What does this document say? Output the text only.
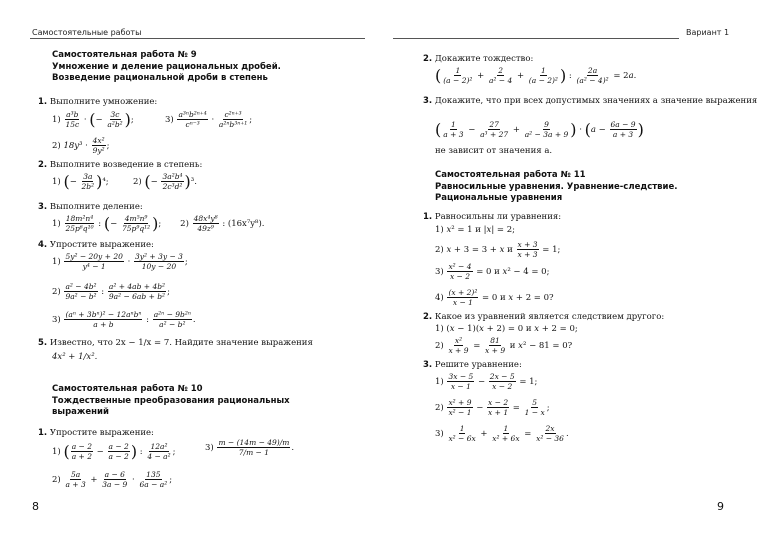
Самостоятельные работы
Самостоятельная работа № 9
Умножение и деление рациональных дробей. Возведение рациональной дроби в степень
1. Выполните умножение:
$1) \frac{\text{a³b}}{15c}$ · (− $\frac{3c}{\text{a²b²}}$ );	$3) \frac{\text{a³ⁿb²ⁿ⁺⁴}}{\text{cⁿ⁻³}} \cdot \frac{\text{c²ⁿ⁺³}}{\text{a²ⁿb³ⁿ⁺¹}}$ ;
2) $18y^3 \cdot \frac{\text{4x²}}{\text{9y²}}$ ;
2. Выполните возведение в степень:
1) (− $\frac{3a}{\text{2b²}} )^4$;         2) (− $\frac{\text{3a²b⁴}}{\text{2c³d²}} )^3$.
3. Выполните деление:
$1) \frac{\text{18m²n⁴}}{\text{25p⁶q¹⁰}}$ : (− $\frac{\text{4m⁵n⁹}}{\text{75p⁹q¹²}}$ );       $2) \frac{\text{48x⁴y⁸}}{\text{49z⁹}}$ : (16x⁷y⁸).
4. Упростите выражение:
$1) \frac{\text{5y² − 20y + 20}}{\text{y⁴ − 1}} \cdot \frac{\text{3y² + 3y − 3}}{10y - 20}$ ;
$2) \frac{\text{a² − 4b²}}{\text{9a² − b²}}$ : $\frac{\text{a² + 4ab + 4b²}}{\text{9a² − 6ab + b²}}$ ;
$3) \frac{\text{(aⁿ + 3bⁿ)² − 12aⁿbⁿ}}{a + b}$ : $\frac{\text{a²ⁿ − 9b²ⁿ}}{\text{a² − b²}}$ .
5. Известно, что 2x − 1/x = 7. Найдите значение выражения
4x² + 1/x².
Самостоятельная работа № 10
Тождественные преобразования рациональных выражений
1. Упростите выражение:
1) ( $\frac{a - 2}{a + 2} - \frac{a - 2}{a - 2}$ ) : $\frac{\text{12a²}}{\text{4 − a²}}$ ;	$3) \frac{m - (14m - 49)/m}{7/m - 1}$ .
$2) \frac{5a}{a + 3} + \frac{a - 6}{3a - 9} \cdot \frac{135}{\text{6a − a²}}$ ;
8
Вариант 1
2. Докажите тождество:
( $\frac{1}{\text{(a − 2)²}} + \frac{2}{\text{a² − 4}} + \frac{1}{\text{(a − 2)²}}$ ) : $\frac{2a}{\text{(a² − 4)²}} = 2a$.
3. Докажите, что при всех допустимых значениях a значение выражения
( $\frac{1}{a + 3} - \frac{27}{\text{a³ + 27}} + \frac{9}{\text{a² − 3a + 9}}$ ) · ($a - \frac{6a - 9}{a + 3}$ )
не зависит от значения a.
Самостоятельная работа № 11
Равносильные уравнения. Уравнение-следствие. Рациональные уравнения
1. Равносильны ли уравнения:
1) x² = 1 и |x| = 2;
2) x + 3 = 3 + x и $\frac{x + 3}{x + 3} = 1$;
$3) \frac{\text{x² − 4}}{x - 2} = 0$ и x² − 4 = 0;
$4) \frac{\text{(x + 2)²}}{x - 1} = 0$ и x + 2 = 0?
2. Какое из уравнений является следствием другого:
1) (x − 1)(x + 2) = 0 и x + 2 = 0;
$2) \frac{\text{x²}}{x + 9} = \frac{81}{x + 9}$ и x² − 81 = 0?
3. Решите уравнение:
$1) \frac{3x - 5}{x - 1} - \frac{2x - 5}{x - 2} = 1$;
$2) \frac{\text{x² + 9}}{\text{x² − 1}} - \frac{x - 2}{x + 1} = \frac{5}{1 - x}$ ;
$3) \frac{1}{\text{x² − 6x}} + \frac{1}{\text{x² + 6x}} = \frac{2x}{\text{x² − 36}}$ .
9
